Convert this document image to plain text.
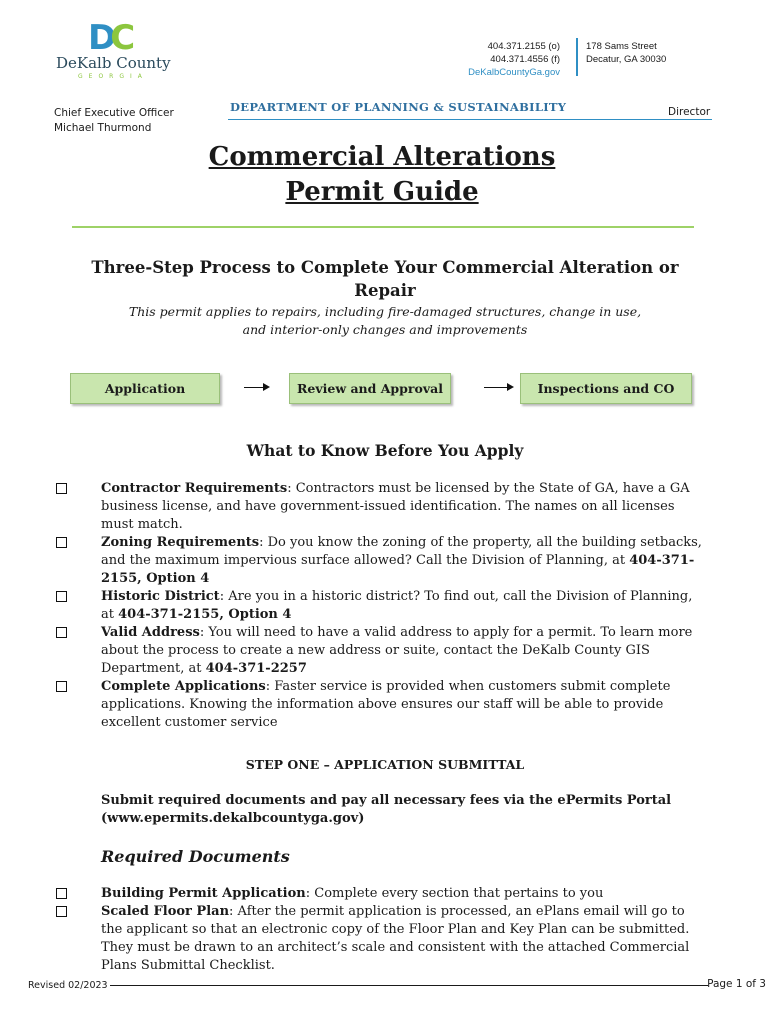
DC
DeKalb County
GEORGIA
404.371.2155 (o)
404.371.4556 (f)
DeKalbCountyGa.gov
178 Sams Street
Decatur, GA 30030
Chief Executive Officer
Michael Thurmond
DEPARTMENT OF PLANNING & SUSTAINABILITY	Director
Commercial Alterations
Permit Guide
Three-Step Process to Complete Your Commercial Alteration or
Repair
This permit applies to repairs, including fire-damaged structures, change in use,
and interior-only changes and improvements
Application	Review and Approval	Inspections and CO
What to Know Before You Apply
Contractor Requirements: Contractors must be licensed by the State of GA, have a GA business license, and have government-issued identification. The names on all licenses must match.
Zoning Requirements: Do you know the zoning of the property, all the building setbacks, and the maximum impervious surface allowed? Call the Division of Planning, at 404-371-2155, Option 4
Historic District: Are you in a historic district? To find out, call the Division of Planning, at 404-371-2155, Option 4
Valid Address: You will need to have a valid address to apply for a permit. To learn more about the process to create a new address or suite, contact the DeKalb County GIS Department, at 404-371-2257
Complete Applications: Faster service is provided when customers submit complete applications. Knowing the information above ensures our staff will be able to provide excellent customer service
STEP ONE – APPLICATION SUBMITTAL
Submit required documents and pay all necessary fees via the ePermits Portal
(www.epermits.dekalbcountyga.gov)
Required Documents
Building Permit Application: Complete every section that pertains to you
Scaled Floor Plan: After the permit application is processed, an ePlans email will go to the applicant so that an electronic copy of the Floor Plan and Key Plan can be submitted. They must be drawn to an architect’s scale and consistent with the attached Commercial Plans Submittal Checklist.
Revised 02/2023	Page 1 of 3
